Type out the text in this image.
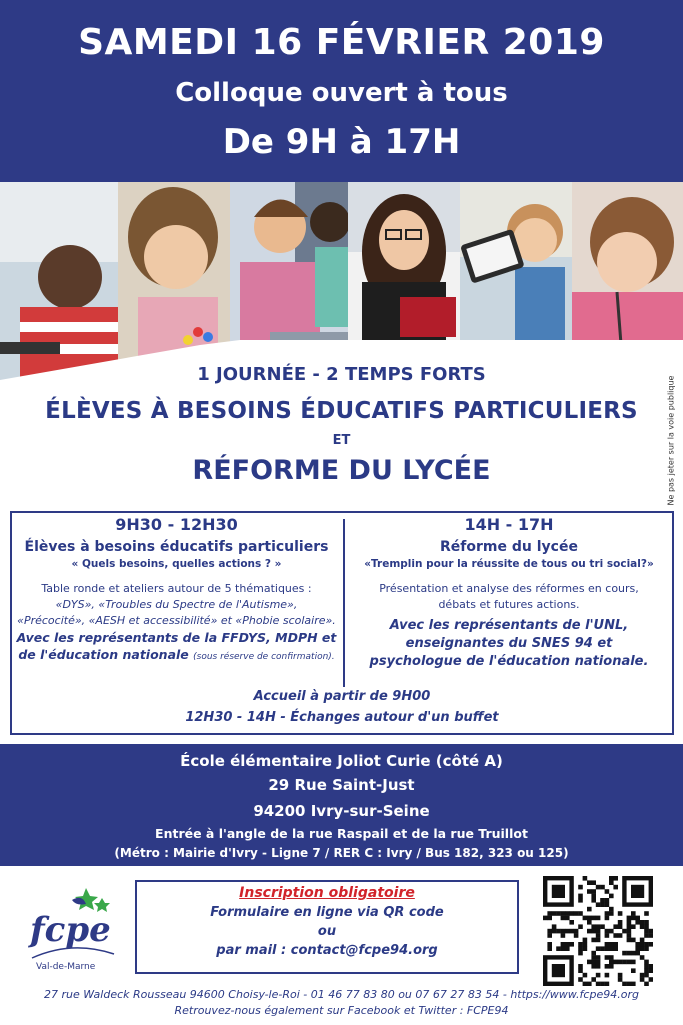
SAMEDI 16 FÉVRIER 2019
Colloque ouvert à tous
De 9H à 17H
Ne pas jeter sur la voie publique
1 JOURNÉE - 2 TEMPS FORTS
ÉLÈVES À BESOINS ÉDUCATIFS PARTICULIERS
ET
RÉFORME DU LYCÉE
9H30 - 12H30
Élèves à besoins éducatifs particuliers
« Quels besoins, quelles actions ? »
Table ronde et ateliers autour de 5 thématiques :
«DYS», «Troubles du Spectre de l'Autisme»,
«Précocité», «AESH et accessibilité» et «Phobie scolaire».
Avec les représentants de la FFDYS, MDPH et
de l'éducation nationale (sous réserve de confirmation).
14H - 17H
Réforme du lycée
«Tremplin pour la réussite de tous ou tri social?»
Présentation et analyse des réformes en cours, débats et futures actions.
Avec les représentants de l'UNL, enseignantes du SNES 94 et psychologue de l'éducation nationale.
Accueil à partir de 9H00
12H30 - 14H - Échanges autour d'un buffet
École élémentaire Joliot Curie (côté A)
29 Rue Saint-Just
94200 Ivry-sur-Seine
Entrée à l'angle de la rue Raspail et de la rue Truillot
(Métro : Mairie d'Ivry - Ligne 7 / RER C : Ivry / Bus 182, 323 ou 125)
fcpe
Val-de-Marne
Inscription obligatoire
Formulaire en ligne via QR code
ou
par mail : contact@fcpe94.org
27 rue Waldeck Rousseau 94600 Choisy-le-Roi - 01 46 77 83 80 ou 07 67 27 83 54 - https://www.fcpe94.org
Retrouvez-nous également sur Facebook et Twitter : FCPE94
